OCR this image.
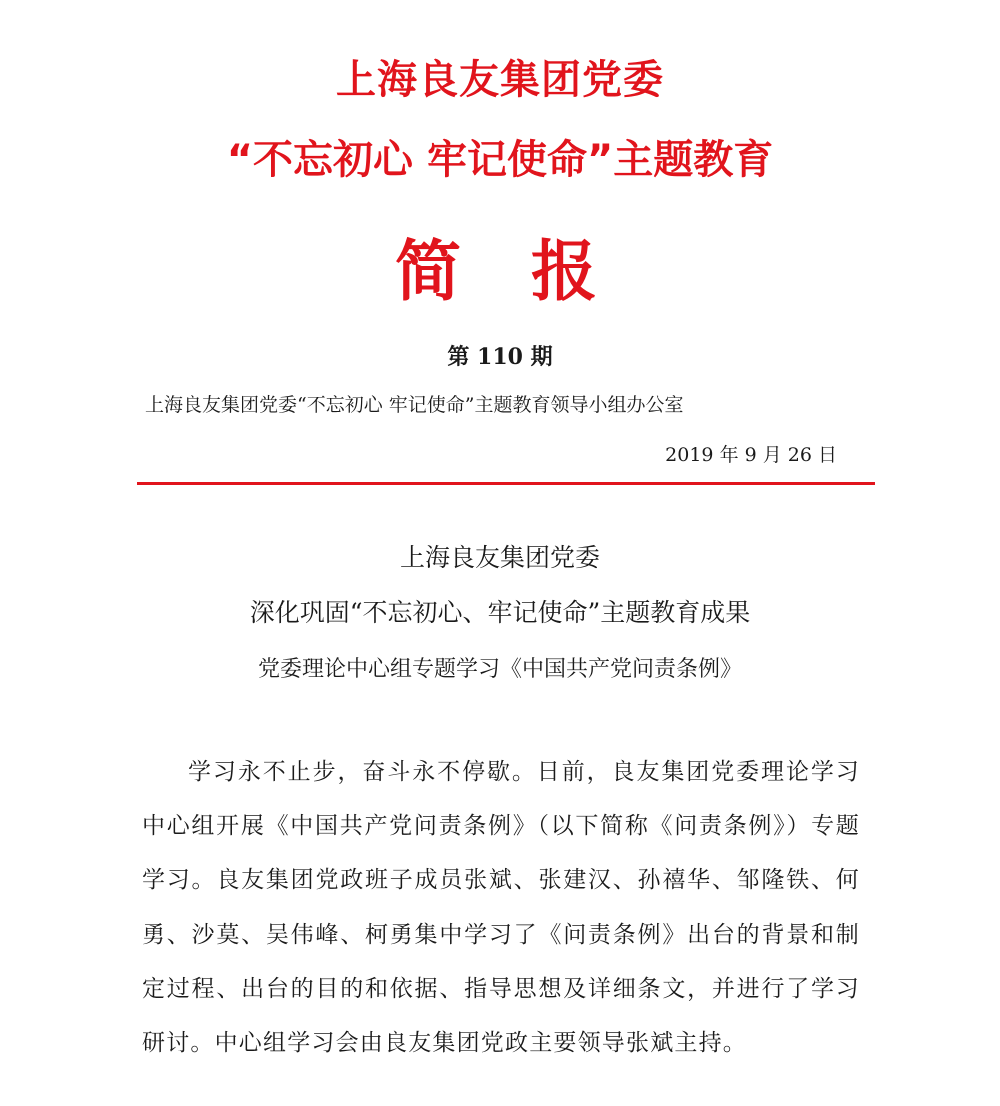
上海良友集团党委
“不忘初心 牢记使命”主题教育
简 报
第 110 期
上海良友集团党委“不忘初心 牢记使命”主题教育领导小组办公室
2019 年 9 月 26 日
上海良友集团党委
深化巩固“不忘初心、牢记使命”主题教育成果
党委理论中心组专题学习《中国共产党问责条例》

学习永不止步，奋斗永不停歇。日前，良友集团党委理论学习中心组开展《中国共产党问责条例》（以下简称《问责条例》）专题学习。良友集团党政班子成员张斌、张建汉、孙禧华、邹隆铁、何勇、沙莫、吴伟峰、柯勇集中学习了《问责条例》出台的背景和制定过程、出台的目的和依据、指导思想及详细条文，并进行了学习研讨。中心组学习会由良友集团党政主要领导张斌主持。
